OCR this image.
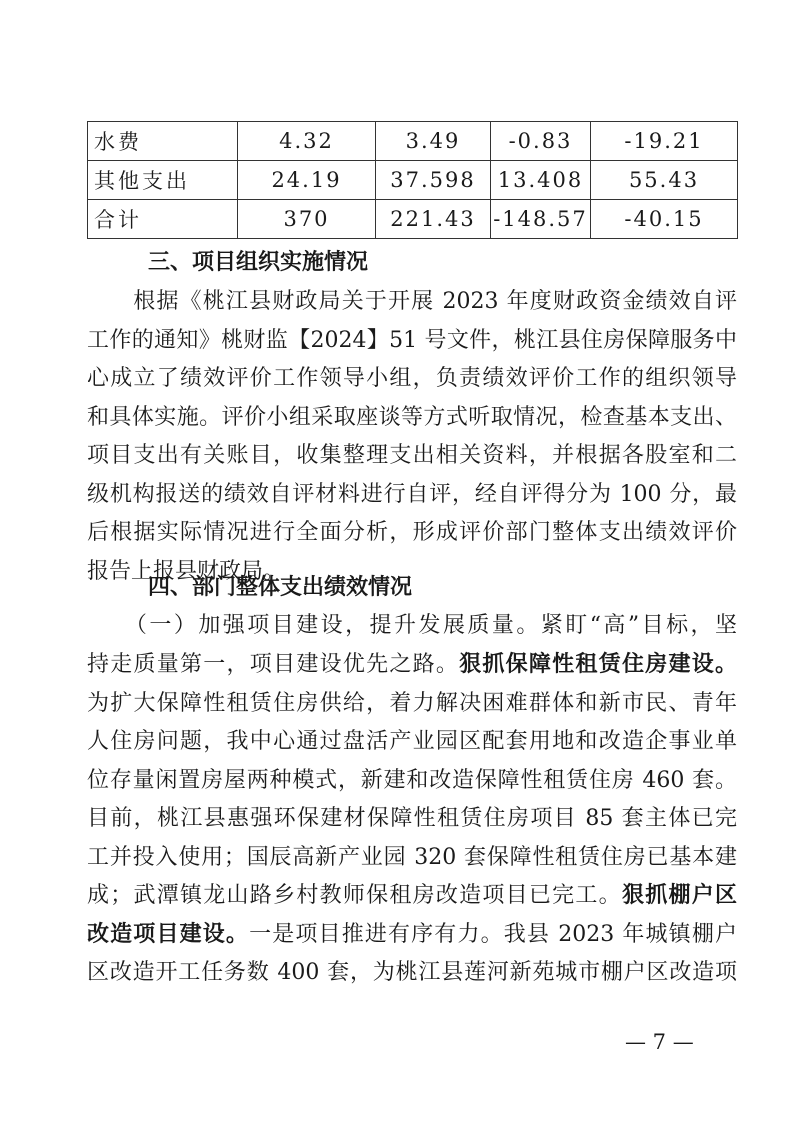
水费	4.32	3.49	-0.83	-19.21
其他支出	24.19	37.598	13.408	55.43
合计	370	221.43	-148.57	-40.15
三、项目组织实施情况
　　根据《桃江县财政局关于开展 2023 年度财政资金绩效自评
工作的通知》桃财监【2024】51 号文件，桃江县住房保障服务中
心成立了绩效评价工作领导小组，负责绩效评价工作的组织领导
和具体实施。评价小组采取座谈等方式听取情况，检查基本支出、
项目支出有关账目，收集整理支出相关资料，并根据各股室和二
级机构报送的绩效自评材料进行自评，经自评得分为 100 分，最
后根据实际情况进行全面分析，形成评价部门整体支出绩效评价
报告上报县财政局。
四、部门整体支出绩效情况
　　（一）加强项目建设，提升发展质量。紧盯“高”目标，坚
持走质量第一，项目建设优先之路。狠抓保障性租赁住房建设。
为扩大保障性租赁住房供给，着力解决困难群体和新市民、青年
人住房问题，我中心通过盘活产业园区配套用地和改造企事业单
位存量闲置房屋两种模式，新建和改造保障性租赁住房 460 套。
目前，桃江县惠强环保建材保障性租赁住房项目 85 套主体已完
工并投入使用；国辰高新产业园 320 套保障性租赁住房已基本建
成；武潭镇龙山路乡村教师保租房改造项目已完工。狠抓棚户区
改造项目建设。一是项目推进有序有力。我县 2023 年城镇棚户
区改造开工任务数 400 套，为桃江县莲河新苑城市棚户区改造项
— 7 —
